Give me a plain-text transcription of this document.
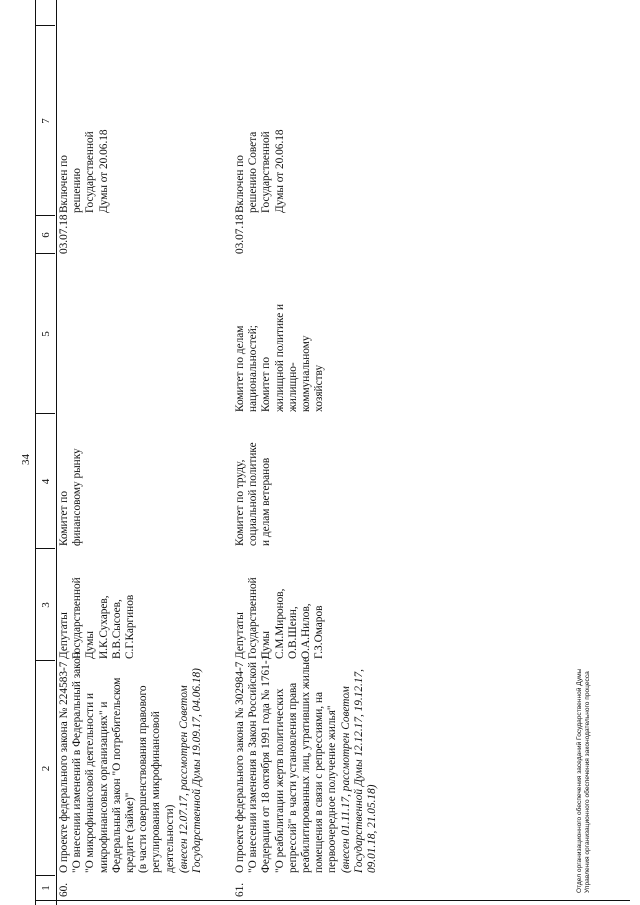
34
1
2
3
4
5
6
7
60.
О проекте федерального закона № 224583-7
"О внесении изменений в Федеральный закон
"О микрофинансовой деятельности и
микрофинансовых организациях" и
Федеральный закон "О потребительском
кредите (займе)"
(в части совершенствования правового
регулирования микрофинансовой
деятельности) (внесен 12.07.17, рассмотрен Советом
Государственной Думы 19.09.17, 04.06.18)
Депутаты
Государственной
Думы
И.К.Сухарев,
В.В.Сысоев,
С.Г.Каргинов
Комитет по
финансовому рынку
03.07.18
Включен по
решению
Государственной
Думы от 20.06.18
61.
О проекте федерального закона № 302984-7
"О внесении изменения в Закон Российской
Федерации от 18 октября 1991 года № 1761-1
"О реабилитации жертв политических
репрессий" в части установления права
реабилитированных лиц, утративших жилые
помещения в связи с репрессиями, на
первоочередное получение жилья"
(внесен 01.11.17, рассмотрен Советом
Государственной Думы 12.12.17, 19.12.17,
09.01.18, 21.05.18)
Депутаты
Государственной
Думы
С.М.Миронов,
О.В.Шеин,
О.А.Нилов,
Г.З.Омаров
Комитет по труду,
социальной политике
и делам ветеранов
Комитет по делам
национальностей;
Комитет по
жилищной политике и
жилищно-
коммунальному
хозяйству
03.07.18
Включен по
решению Совета
Государственной
Думы от 20.06.18
Отдел организационного обеспечения заседаний Государственной Думы
Управления организационного обеспечения законодательного процесса
